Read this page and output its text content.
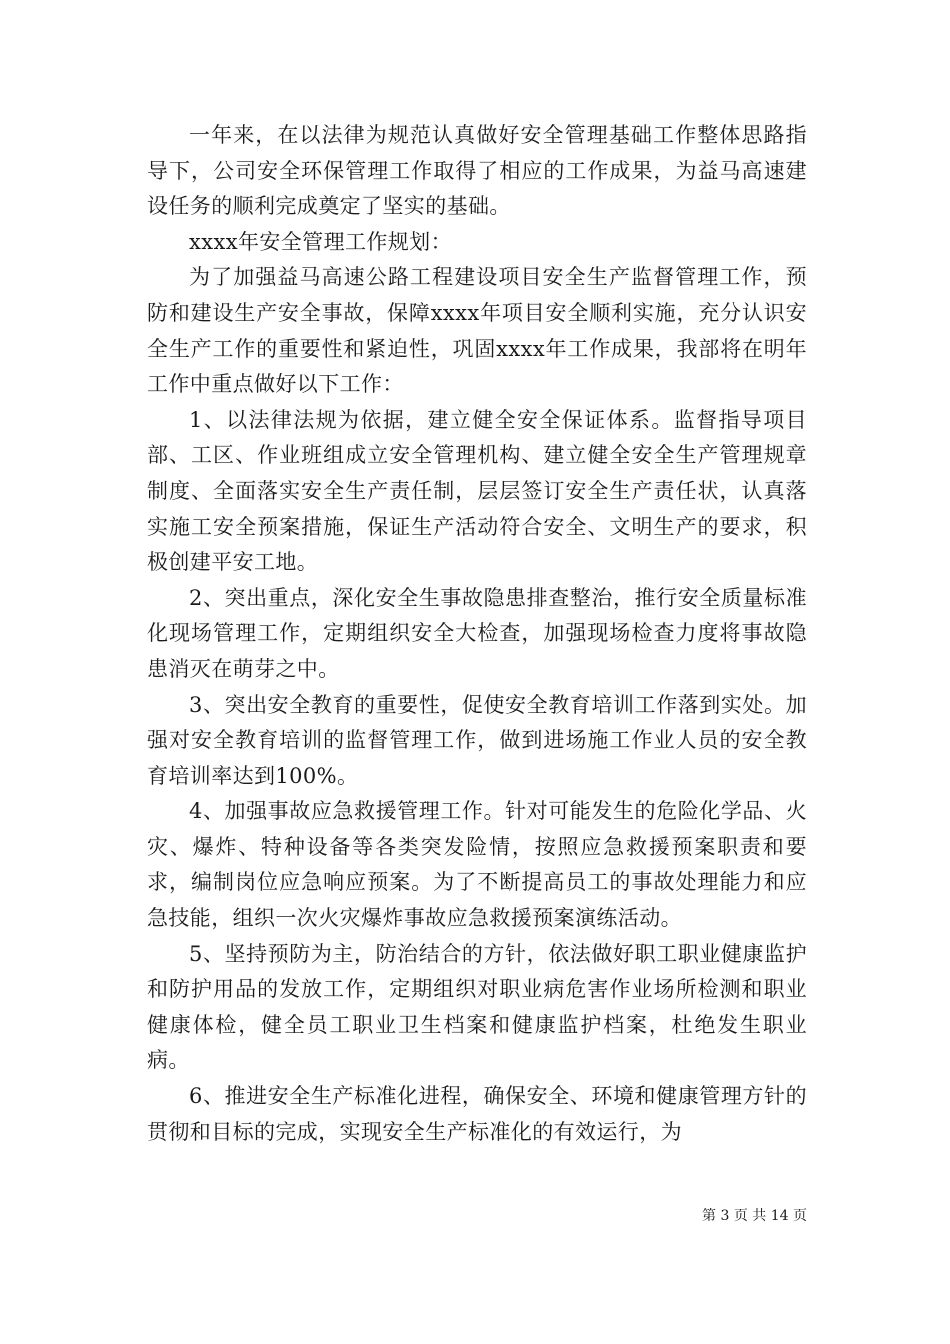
一年来，在以法律为规范认真做好安全管理基础工作整体思路指导下，公司安全环保管理工作取得了相应的工作成果，为益马高速建设任务的顺利完成奠定了坚实的基础。

xxxx年安全管理工作规划：

为了加强益马高速公路工程建设项目安全生产监督管理工作，预防和建设生产安全事故，保障xxxx年项目安全顺利实施，充分认识安全生产工作的重要性和紧迫性，巩固xxxx年工作成果，我部将在明年工作中重点做好以下工作：

1、以法律法规为依据，建立健全安全保证体系。监督指导项目部、工区、作业班组成立安全管理机构、建立健全安全生产管理规章制度、全面落实安全生产责任制，层层签订安全生产责任状，认真落实施工安全预案措施，保证生产活动符合安全、文明生产的要求，积极创建平安工地。

2、突出重点，深化安全生事故隐患排查整治，推行安全质量标准化现场管理工作，定期组织安全大检查，加强现场检查力度将事故隐患消灭在萌芽之中。

3、突出安全教育的重要性，促使安全教育培训工作落到实处。加强对安全教育培训的监督管理工作，做到进场施工作业人员的安全教育培训率达到100%。

4、加强事故应急救援管理工作。针对可能发生的危险化学品、火灾、爆炸、特种设备等各类突发险情，按照应急救援预案职责和要求，编制岗位应急响应预案。为了不断提高员工的事故处理能力和应急技能，组织一次火灾爆炸事故应急救援预案演练活动。

5、坚持预防为主，防治结合的方针，依法做好职工职业健康监护和防护用品的发放工作，定期组织对职业病危害作业场所检测和职业健康体检，健全员工职业卫生档案和健康监护档案，杜绝发生职业病。

6、推进安全生产标准化进程，确保安全、环境和健康管理方针的贯彻和目标的完成，实现安全生产标准化的有效运行，为

第 3 页 共 14 页
